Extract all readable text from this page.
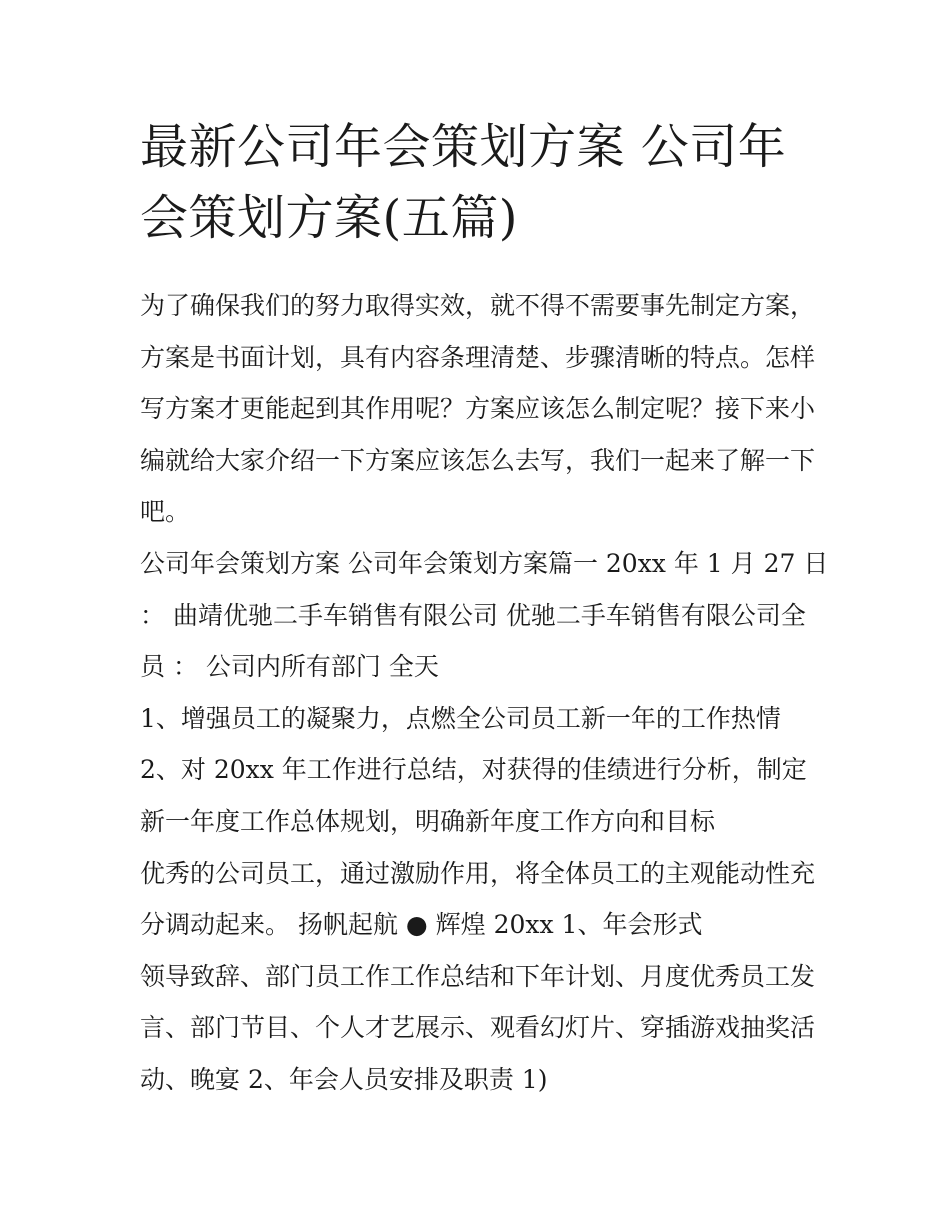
最新公司年会策划方案 公司年会策划方案(五篇)

为了确保我们的努力取得实效，就不得不需要事先制定方案，方案是书面计划，具有内容条理清楚、步骤清晰的特点。怎样写方案才更能起到其作用呢？方案应该怎么制定呢？接下来小编就给大家介绍一下方案应该怎么去写，我们一起来了解一下吧。

公司年会策划方案 公司年会策划方案篇一 20xx 年 1 月 27 日 ： 曲靖优驰二手车销售有限公司 优驰二手车销售有限公司全员 ： 公司内所有部门 全天

1、增强员工的凝聚力，点燃全公司员工新一年的工作热情

2、对 20xx 年工作进行总结，对获得的佳绩进行分析，制定新一年度工作总体规划，明确新年度工作方向和目标

优秀的公司员工，通过激励作用，将全体员工的主观能动性充分调动起来。 扬帆起航 ● 辉煌 20xx 1、年会形式

领导致辞、部门员工作工作总结和下年计划、月度优秀员工发言、部门节目、个人才艺展示、观看幻灯片、穿插游戏抽奖活动、晚宴 2、年会人员安排及职责 1)
